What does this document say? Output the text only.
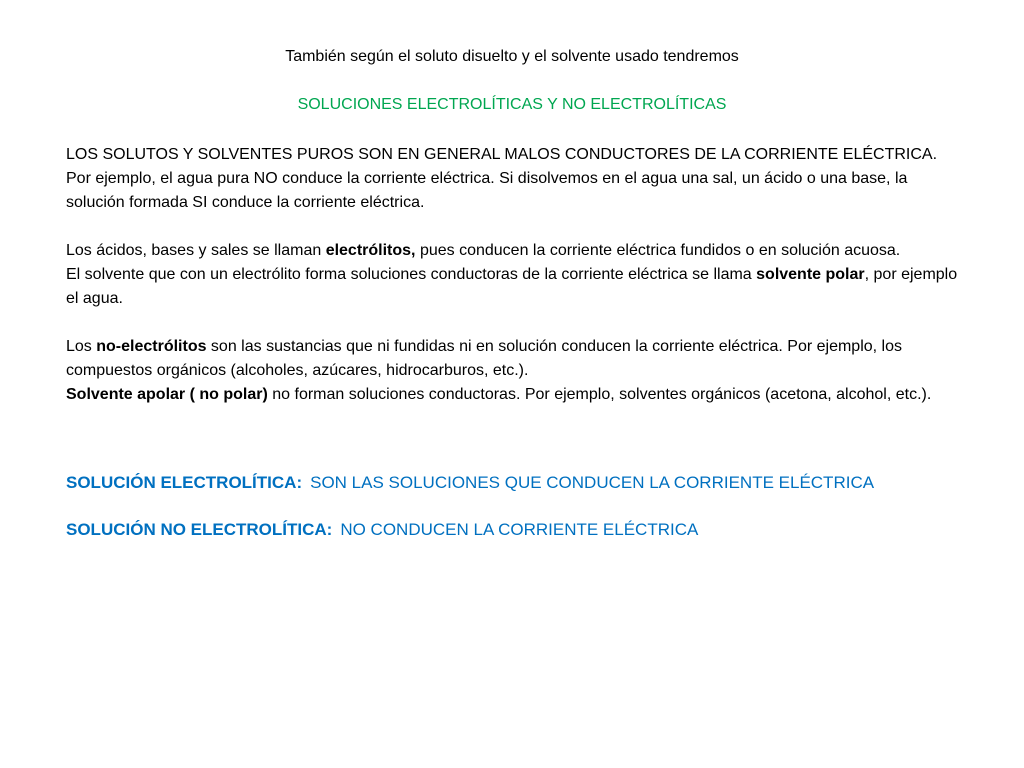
También según el soluto disuelto y el solvente usado tendremos
SOLUCIONES ELECTROLÍTICAS Y NO ELECTROLÍTICAS

LOS SOLUTOS Y SOLVENTES PUROS SON EN GENERAL MALOS CONDUCTORES DE LA CORRIENTE ELÉCTRICA.

Por ejemplo, el agua pura NO conduce la corriente eléctrica. Si disolvemos en el agua una sal, un ácido o una base, la solución formada SI conduce la corriente eléctrica.

Los ácidos, bases y sales se llaman electrólitos, pues conducen la corriente eléctrica fundidos o en solución acuosa.

El solvente que con un electrólito forma soluciones conductoras de la corriente eléctrica se llama solvente polar, por ejemplo el agua.

Los no-electrólitos son las sustancias que ni fundidas ni en solución conducen la corriente eléctrica. Por ejemplo, los compuestos orgánicos (alcoholes, azúcares, hidrocarburos, etc.).

Solvente apolar ( no polar) no forman soluciones conductoras. Por ejemplo, solventes orgánicos (acetona, alcohol, etc.).

SOLUCIÓN ELECTROLÍTICA: SON LAS SOLUCIONES QUE CONDUCEN LA CORRIENTE ELÉCTRICA
SOLUCIÓN NO ELECTROLÍTICA: NO CONDUCEN LA CORRIENTE ELÉCTRICA
